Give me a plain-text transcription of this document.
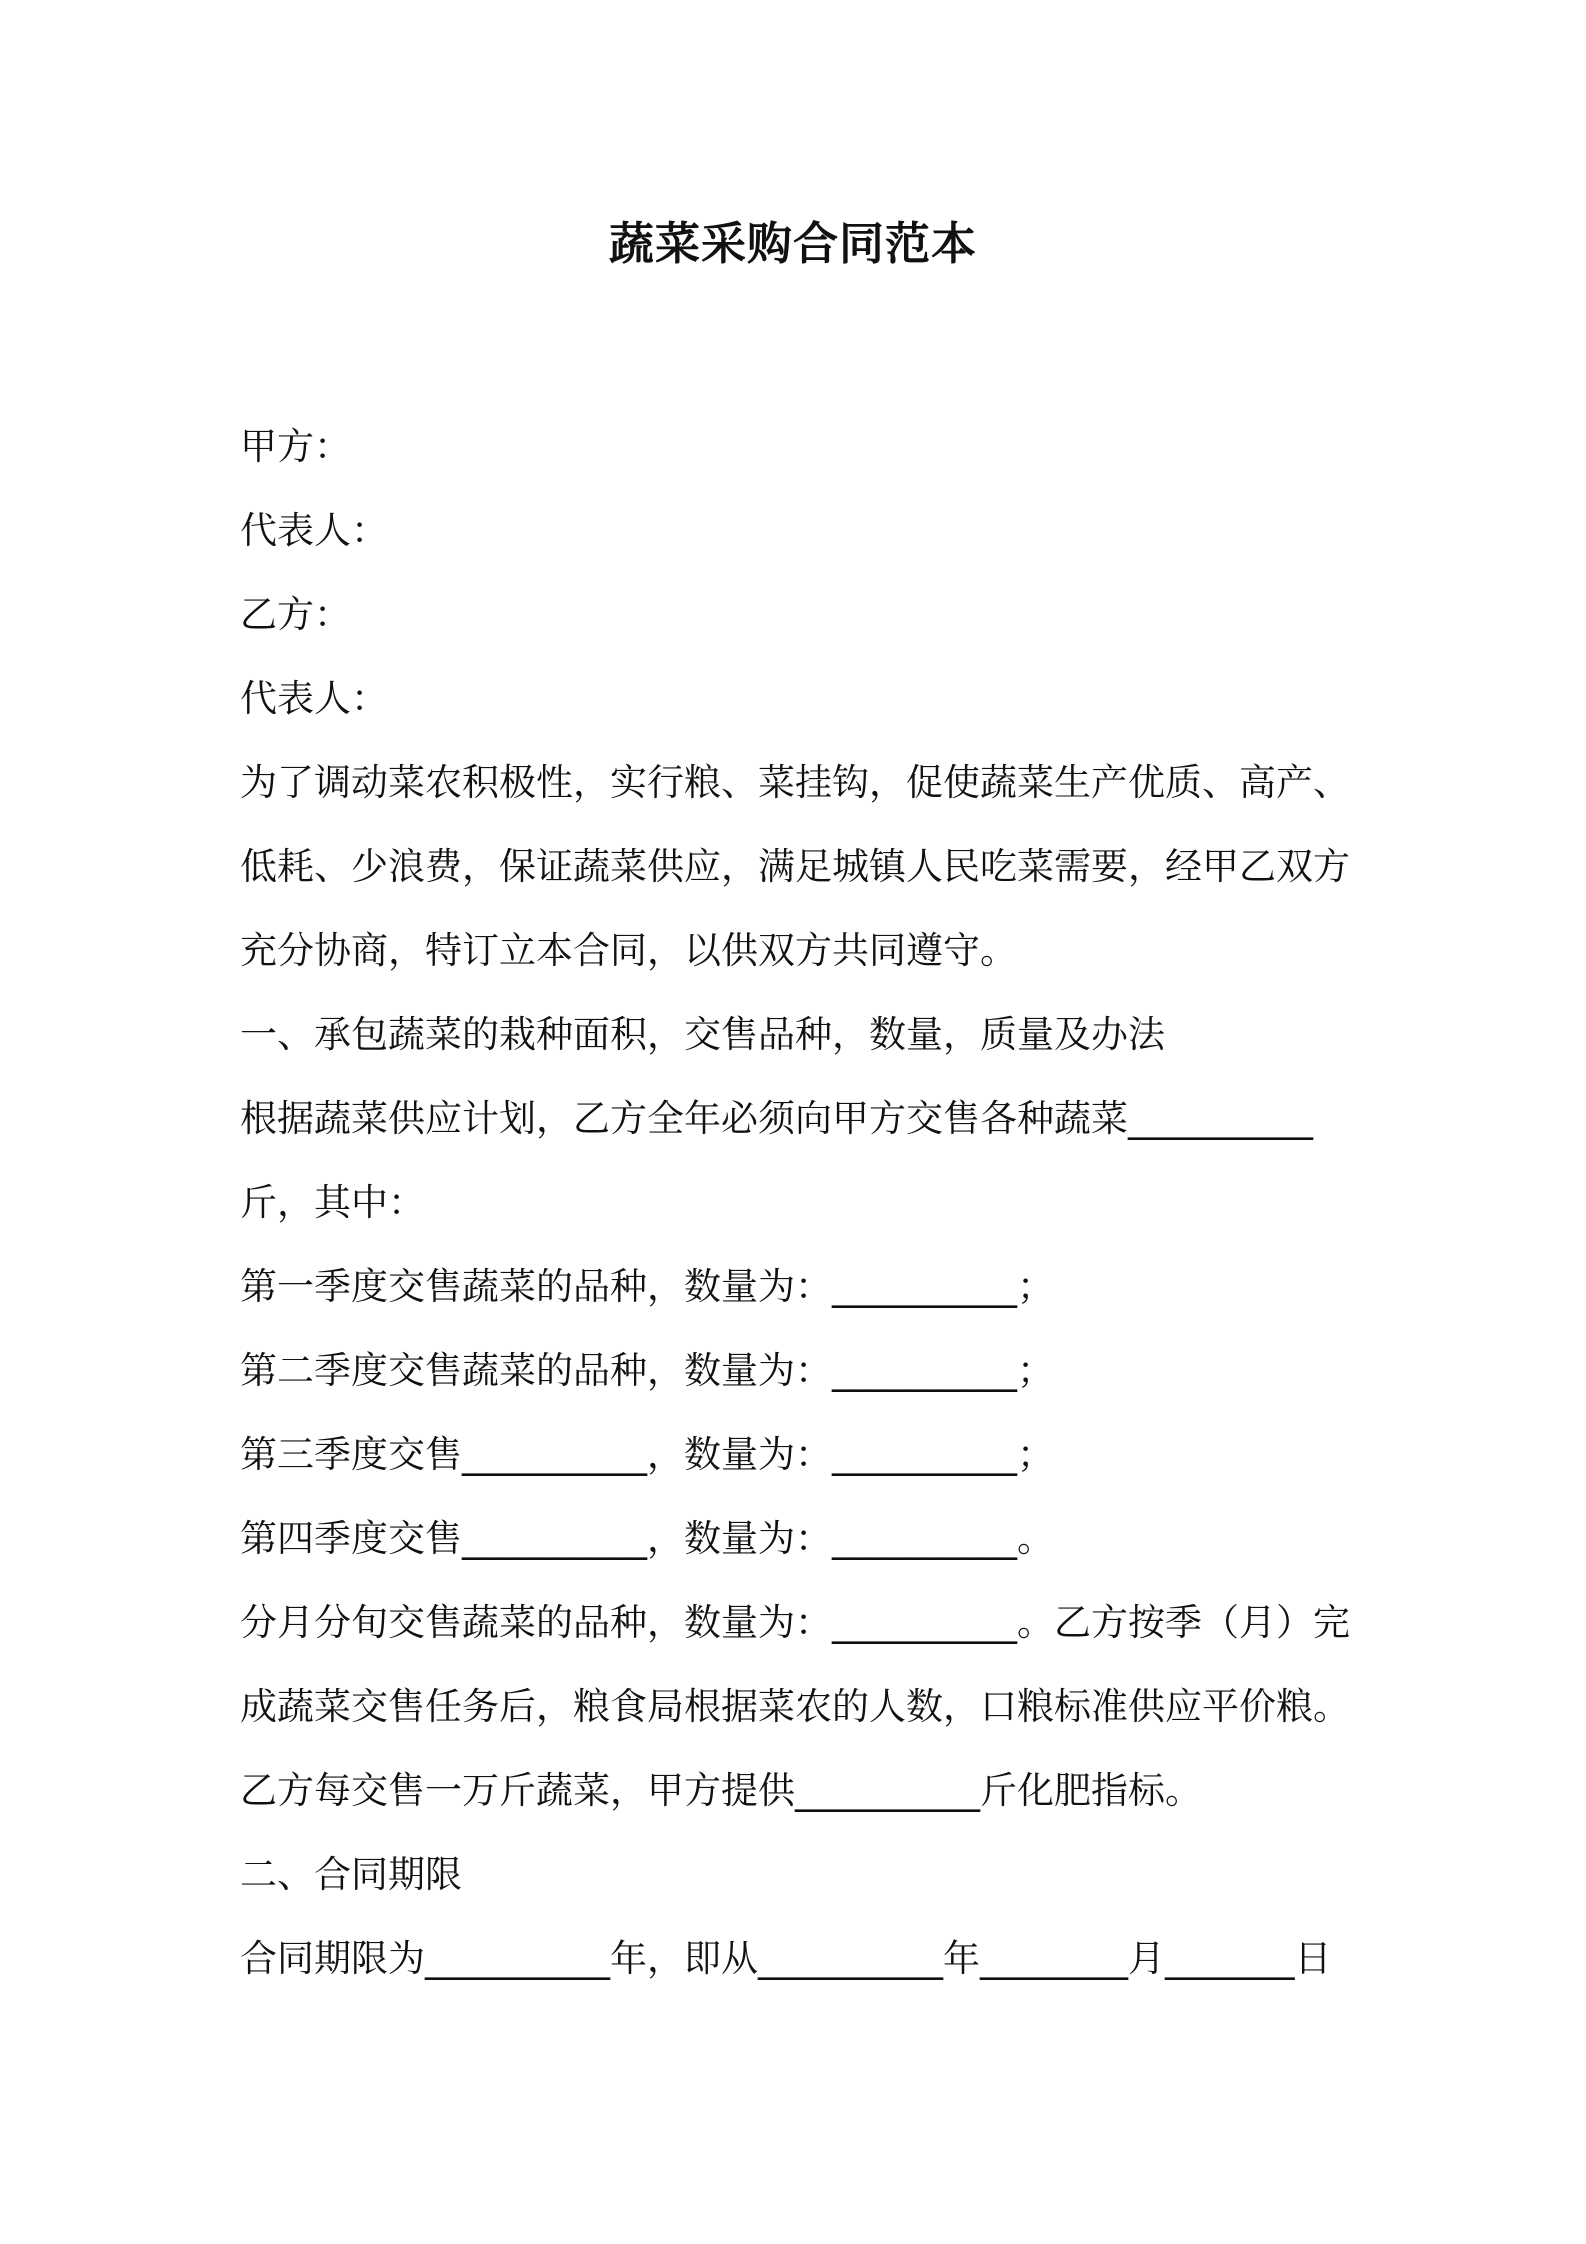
蔬菜采购合同范本
甲方：
代表人：
乙方：
代表人：
为了调动菜农积极性，实行粮、菜挂钩，促使蔬菜生产优质、高产、
低耗、少浪费，保证蔬菜供应，满足城镇人民吃菜需要，经甲乙双方
充分协商，特订立本合同，以供双方共同遵守。
一、承包蔬菜的栽种面积，交售品种，数量，质量及办法
根据蔬菜供应计划，乙方全年必须向甲方交售各种蔬菜__________
斤，其中：
第一季度交售蔬菜的品种，数量为：__________；
第二季度交售蔬菜的品种，数量为：__________；
第三季度交售__________，数量为：__________；
第四季度交售__________，数量为：__________。
分月分旬交售蔬菜的品种，数量为：__________。乙方按季（月）完
成蔬菜交售任务后，粮食局根据菜农的人数，口粮标准供应平价粮。
乙方每交售一万斤蔬菜，甲方提供__________斤化肥指标。
二、合同期限
合同期限为__________年，即从__________年________月_______日
